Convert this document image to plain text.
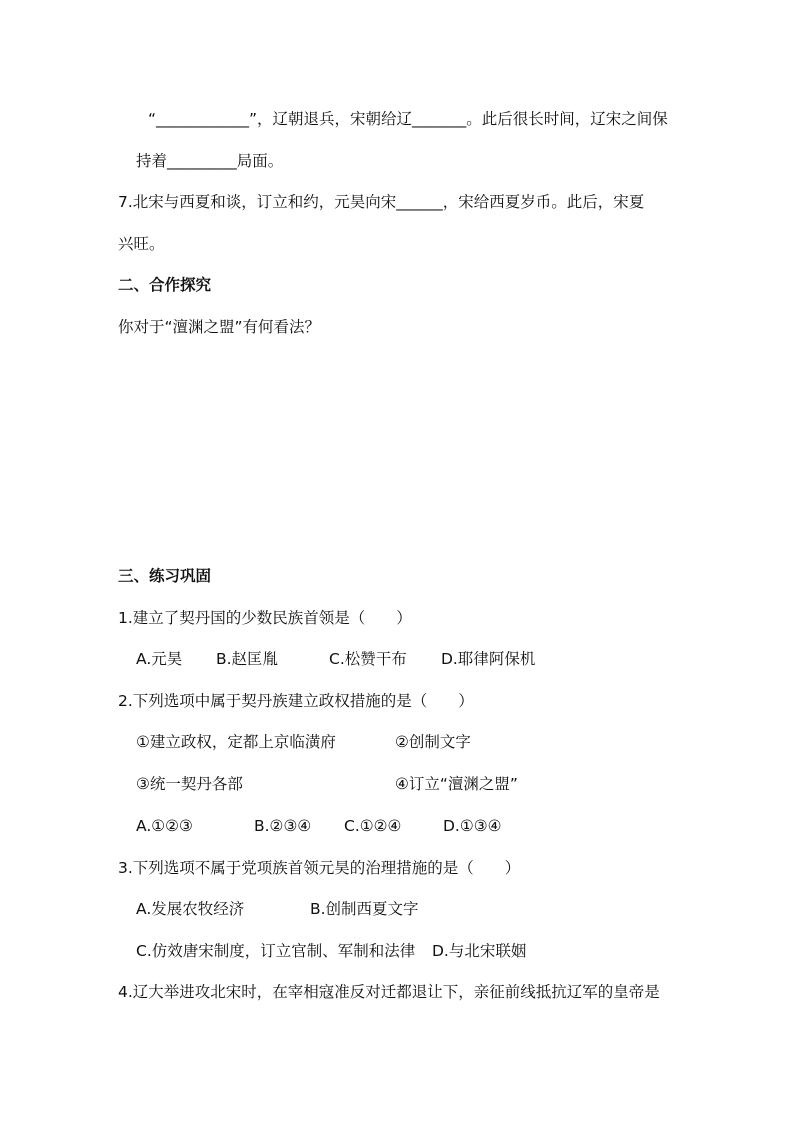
“____________”，辽朝退兵，宋朝给辽_______。此后很长时间，辽宋之间保
持着_________局面。
7.北宋与西夏和谈，订立和约，元昊向宋______，宋给西夏岁币。此后，宋夏
兴旺。
二、合作探究
你对于“澶渊之盟”有何看法？
三、练习巩固
1.建立了契丹国的少数民族首领是（　　）
A.元昊 B.赵匡胤	C.松赞干布 D.耶律阿保机
2.下列选项中属于契丹族建立政权措施的是（　　）
①建立政权，定都上京临潢府	②创制文字
③统一契丹各部	④订立“澶渊之盟”
A.①②③	B.②③④ C.①②④	D.①③④
3.下列选项不属于党项族首领元昊的治理措施的是（　　）
A.发展农牧经济	B.创制西夏文字
C.仿效唐宋制度，订立官制、军制和法律 D.与北宋联姻
4.辽大举进攻北宋时，在宰相寇准反对迁都退让下，亲征前线抵抗辽军的皇帝是
